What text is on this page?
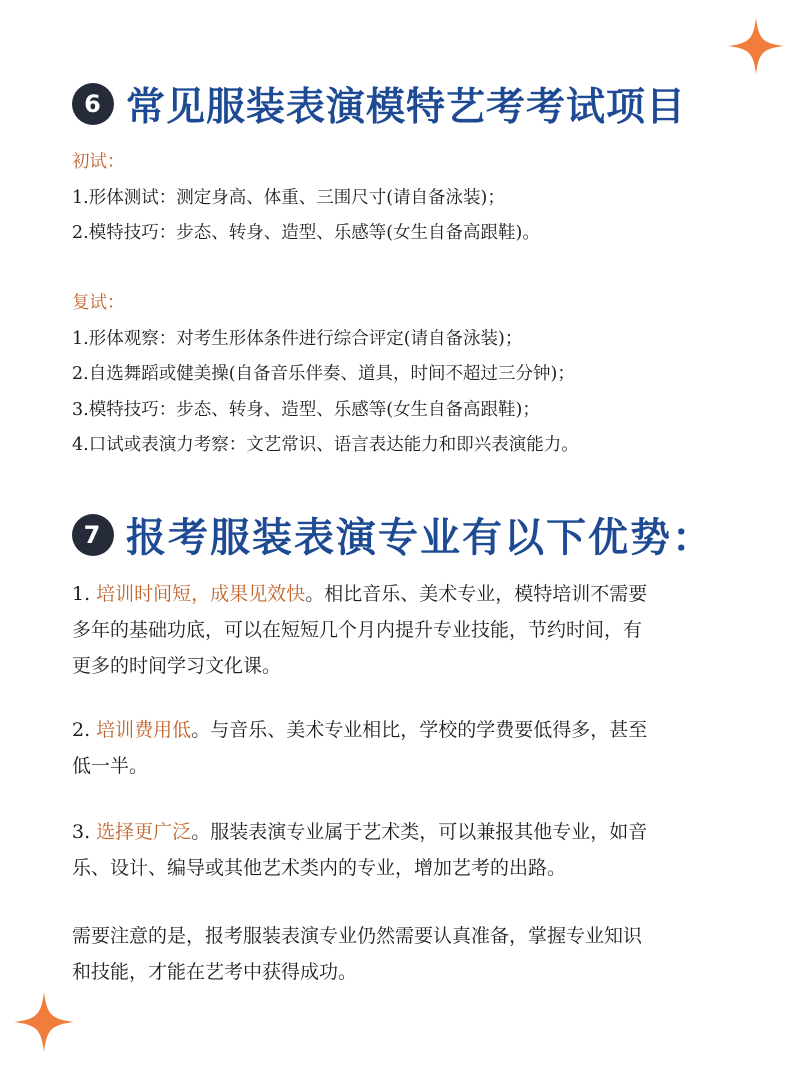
6 常见服装表演模特艺考考试项目
初试：
1.形体测试：测定身高、体重、三围尺寸(请自备泳装)；
2.模特技巧：步态、转身、造型、乐感等(女生自备高跟鞋)。
复试：
1.形体观察：对考生形体条件进行综合评定(请自备泳装)；
2.自选舞蹈或健美操(自备音乐伴奏、道具，时间不超过三分钟)；
3.模特技巧：步态、转身、造型、乐感等(女生自备高跟鞋)；
4.口试或表演力考察：文艺常识、语言表达能力和即兴表演能力。
7 报考服装表演专业有以下优势：
1. 培训时间短，成果见效快。相比音乐、美术专业，模特培训不需要
多年的基础功底，可以在短短几个月内提升专业技能，节约时间，有
更多的时间学习文化课。
2. 培训费用低。与音乐、美术专业相比，学校的学费要低得多，甚至
低一半。
3. 选择更广泛。服装表演专业属于艺术类，可以兼报其他专业，如音
乐、设计、编导或其他艺术类内的专业，增加艺考的出路。
需要注意的是，报考服装表演专业仍然需要认真准备，掌握专业知识
和技能，才能在艺考中获得成功。
